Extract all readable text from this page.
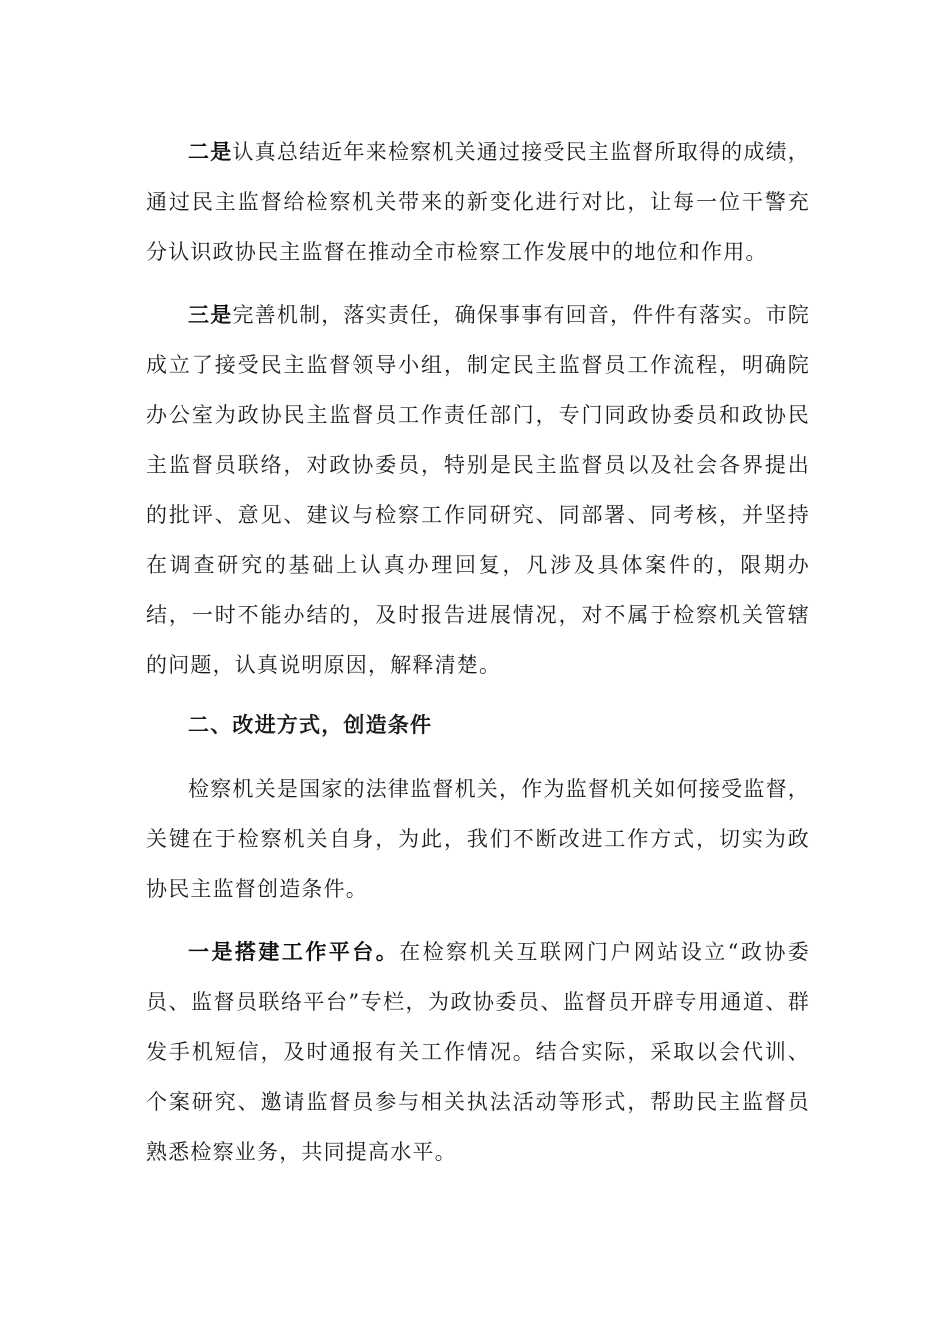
二是认真总结近年来检察机关通过接受民主监督所取得的成绩，通过民主监督给检察机关带来的新变化进行对比，让每一位干警充分认识政协民主监督在推动全市检察工作发展中的地位和作用。

三是完善机制，落实责任，确保事事有回音，件件有落实。市院成立了接受民主监督领导小组，制定民主监督员工作流程，明确院办公室为政协民主监督员工作责任部门，专门同政协委员和政协民主监督员联络，对政协委员，特别是民主监督员以及社会各界提出的批评、意见、建议与检察工作同研究、同部署、同考核，并坚持在调查研究的基础上认真办理回复，凡涉及具体案件的，限期办结，一时不能办结的，及时报告进展情况，对不属于检察机关管辖的问题，认真说明原因，解释清楚。

二、改进方式，创造条件

检察机关是国家的法律监督机关，作为监督机关如何接受监督，关键在于检察机关自身，为此，我们不断改进工作方式，切实为政协民主监督创造条件。

一是搭建工作平台。在检察机关互联网门户网站设立“政协委员、监督员联络平台”专栏，为政协委员、监督员开辟专用通道、群发手机短信，及时通报有关工作情况。结合实际，采取以会代训、个案研究、邀请监督员参与相关执法活动等形式，帮助民主监督员熟悉检察业务，共同提高水平。
